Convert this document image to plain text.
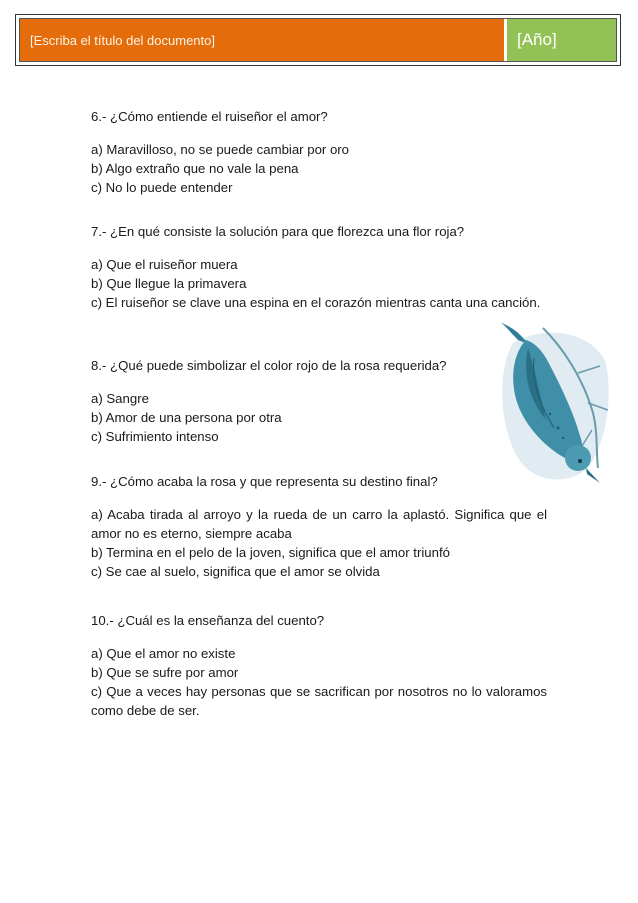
[Escriba el título del documento]	[Año]

6.- ¿Cómo entiende el ruiseñor el amor?

a) Maravilloso, no se puede cambiar por oro

b) Algo extraño que no vale la pena

c) No lo puede entender

7.- ¿En qué consiste la solución para que florezca una flor roja?

a) Que el ruiseñor muera

b) Que llegue la primavera

c) El ruiseñor se clave una espina en el corazón mientras canta una canción.

8.- ¿Qué puede simbolizar el color rojo de la rosa requerida?

a) Sangre

b) Amor de una persona por otra

c) Sufrimiento intenso

9.- ¿Cómo acaba la rosa y que representa su destino final?

a) Acaba tirada al arroyo y la rueda de un carro la aplastó. Significa que el amor no es eterno, siempre acaba

b) Termina en el pelo de la joven, significa que el amor triunfó

c) Se cae al suelo, significa que el amor se olvida

10.- ¿Cuál es la enseñanza del cuento?

a) Que el amor no existe

b) Que se sufre por amor

c) Que a veces hay personas que se sacrifican por nosotros no lo valoramos como debe de ser.
